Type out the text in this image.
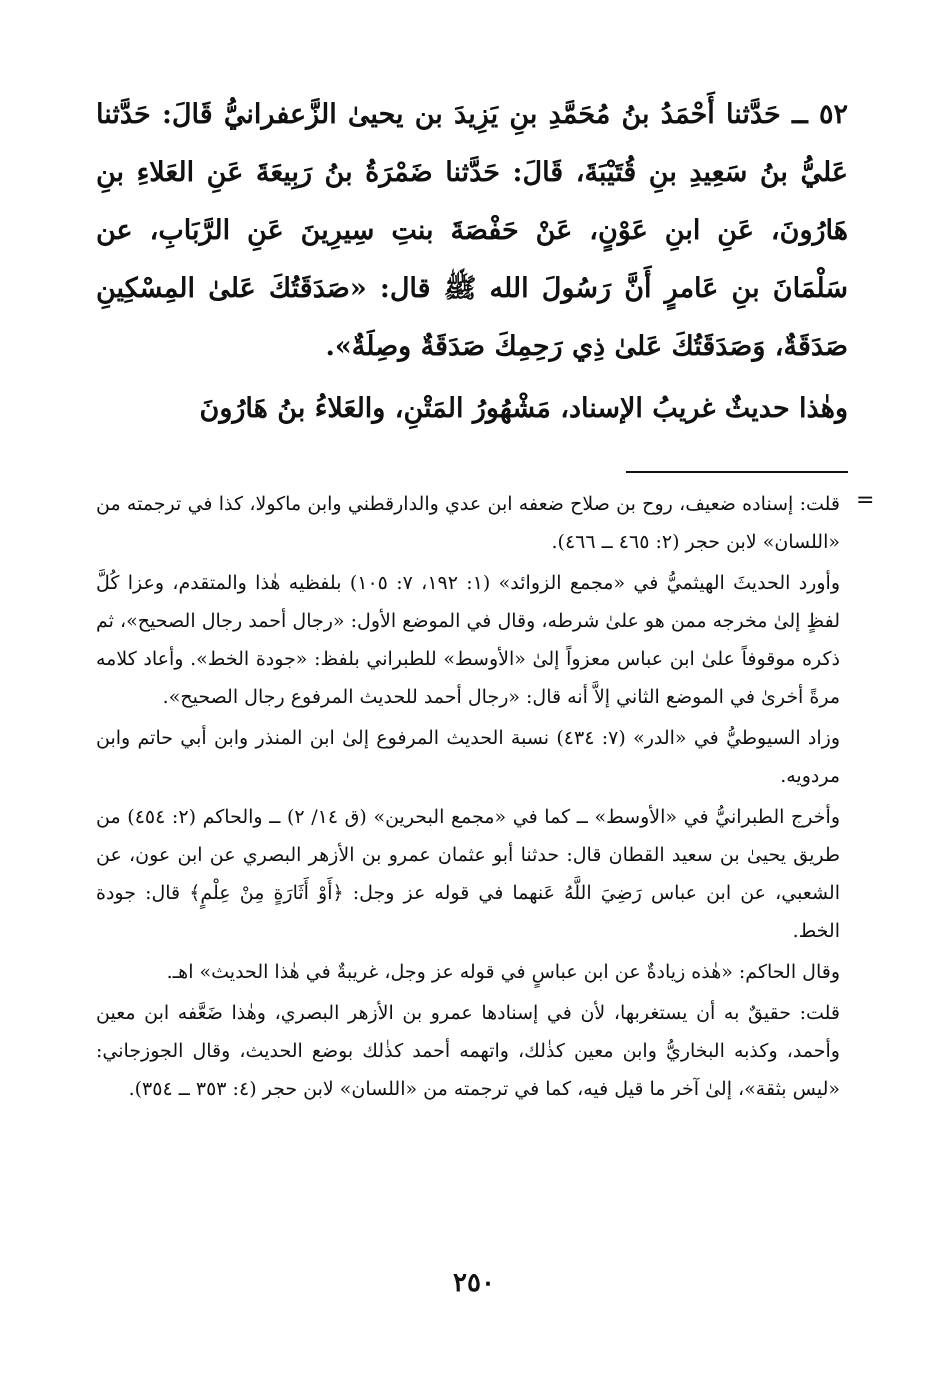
٥٢ ــ حَدَّثنا أَحْمَدُ بنُ مُحَمَّدِ بنِ يَزِيدَ بن يحيىٰ الزَّعفرانيُّ قَالَ: حَدَّثنا عَليُّ بنُ سَعِيدِ بنِ قُتَيْبَةَ، قَالَ: حَدَّثنا ضَمْرَةُ بنُ رَبِيعَةَ عَنِ العَلاءِ بنِ هَارُونَ، عَنِ ابنِ عَوْنٍ، عَنْ حَفْصَةَ بنتِ سِيرِينَ عَنِ الرَّبَابِ، عن سَلْمَانَ بنِ عَامرٍ أَنَّ رَسُولَ الله ﷺ قال: «صَدَقَتُكَ عَلىٰ المِسْكِينِ صَدَقَةٌ، وَصَدَقَتُكَ عَلىٰ ذِي رَحِمِكَ صَدَقَةٌ وصِلَةٌ».

وهٰذا حديثٌ غريبُ الإسناد، مَشْهُورُ المَتْنِ، والعَلاءُ بنُ هَارُونَ

=

قلت: إسناده ضعيف، روح بن صلاح ضعفه ابن عدي والدارقطني وابن ماكولا، كذا في ترجمته من «اللسان» لابن حجر (٢: ٤٦٥ ــ ٤٦٦).

وأورد الحديثَ الهيثميُّ في «مجمع الزوائد» (١: ١٩٢، ٧: ١٠٥) بلفظيه هٰذا والمتقدم، وعزا كُلَّ لفظٍ إلىٰ مخرجه ممن هو علىٰ شرطه، وقال في الموضع الأول: «رجال أحمد رجال الصحيح»، ثم ذكره موقوفاً علىٰ ابن عباس معزواً إلىٰ «الأوسط» للطبراني بلفظ: «جودة الخط». وأعاد كلامه مرةً أخرىٰ في الموضع الثاني إلاَّ أنه قال: «رجال أحمد للحديث المرفوع رجال الصحيح».

وزاد السيوطيُّ في «الدر» (٧: ٤٣٤) نسبة الحديث المرفوع إلىٰ ابن المنذر وابن أبي حاتم وابن مردويه.

وأخرج الطبرانيُّ في «الأوسط» ــ كما في «مجمع البحرين» (ق ١٤/ ٢) ــ والحاكم (٢: ٤٥٤) من طريق يحيىٰ بن سعيد القطان قال: حدثنا أبو عثمان عمرو بن الأزهر البصري عن ابن عون، عن الشعبي، عن ابن عباس رَضِيَ اللَّهُ عَنهما في قوله عز وجل: ﴿أَوْ أَثَارَةٍ مِنْ عِلْمٍ﴾ قال: جودة الخط.

وقال الحاكم: «هٰذه زيادةٌ عن ابن عباسٍ في قوله عز وجل، غريبةٌ في هٰذا الحديث» اهـ.

قلت: حقيقٌ به أن يستغربها، لأن في إسنادها عمرو بن الأزهر البصري، وهٰذا ضَعَّفه ابن معين وأحمد، وكذبه البخاريُّ وابن معين كذٰلك، واتهمه أحمد كذٰلك بوضع الحديث، وقال الجوزجاني: «ليس بثقة»، إلىٰ آخر ما قيل فيه، كما في ترجمته من «اللسان» لابن حجر (٤: ٣٥٣ ــ ٣٥٤).

٢٥٠
